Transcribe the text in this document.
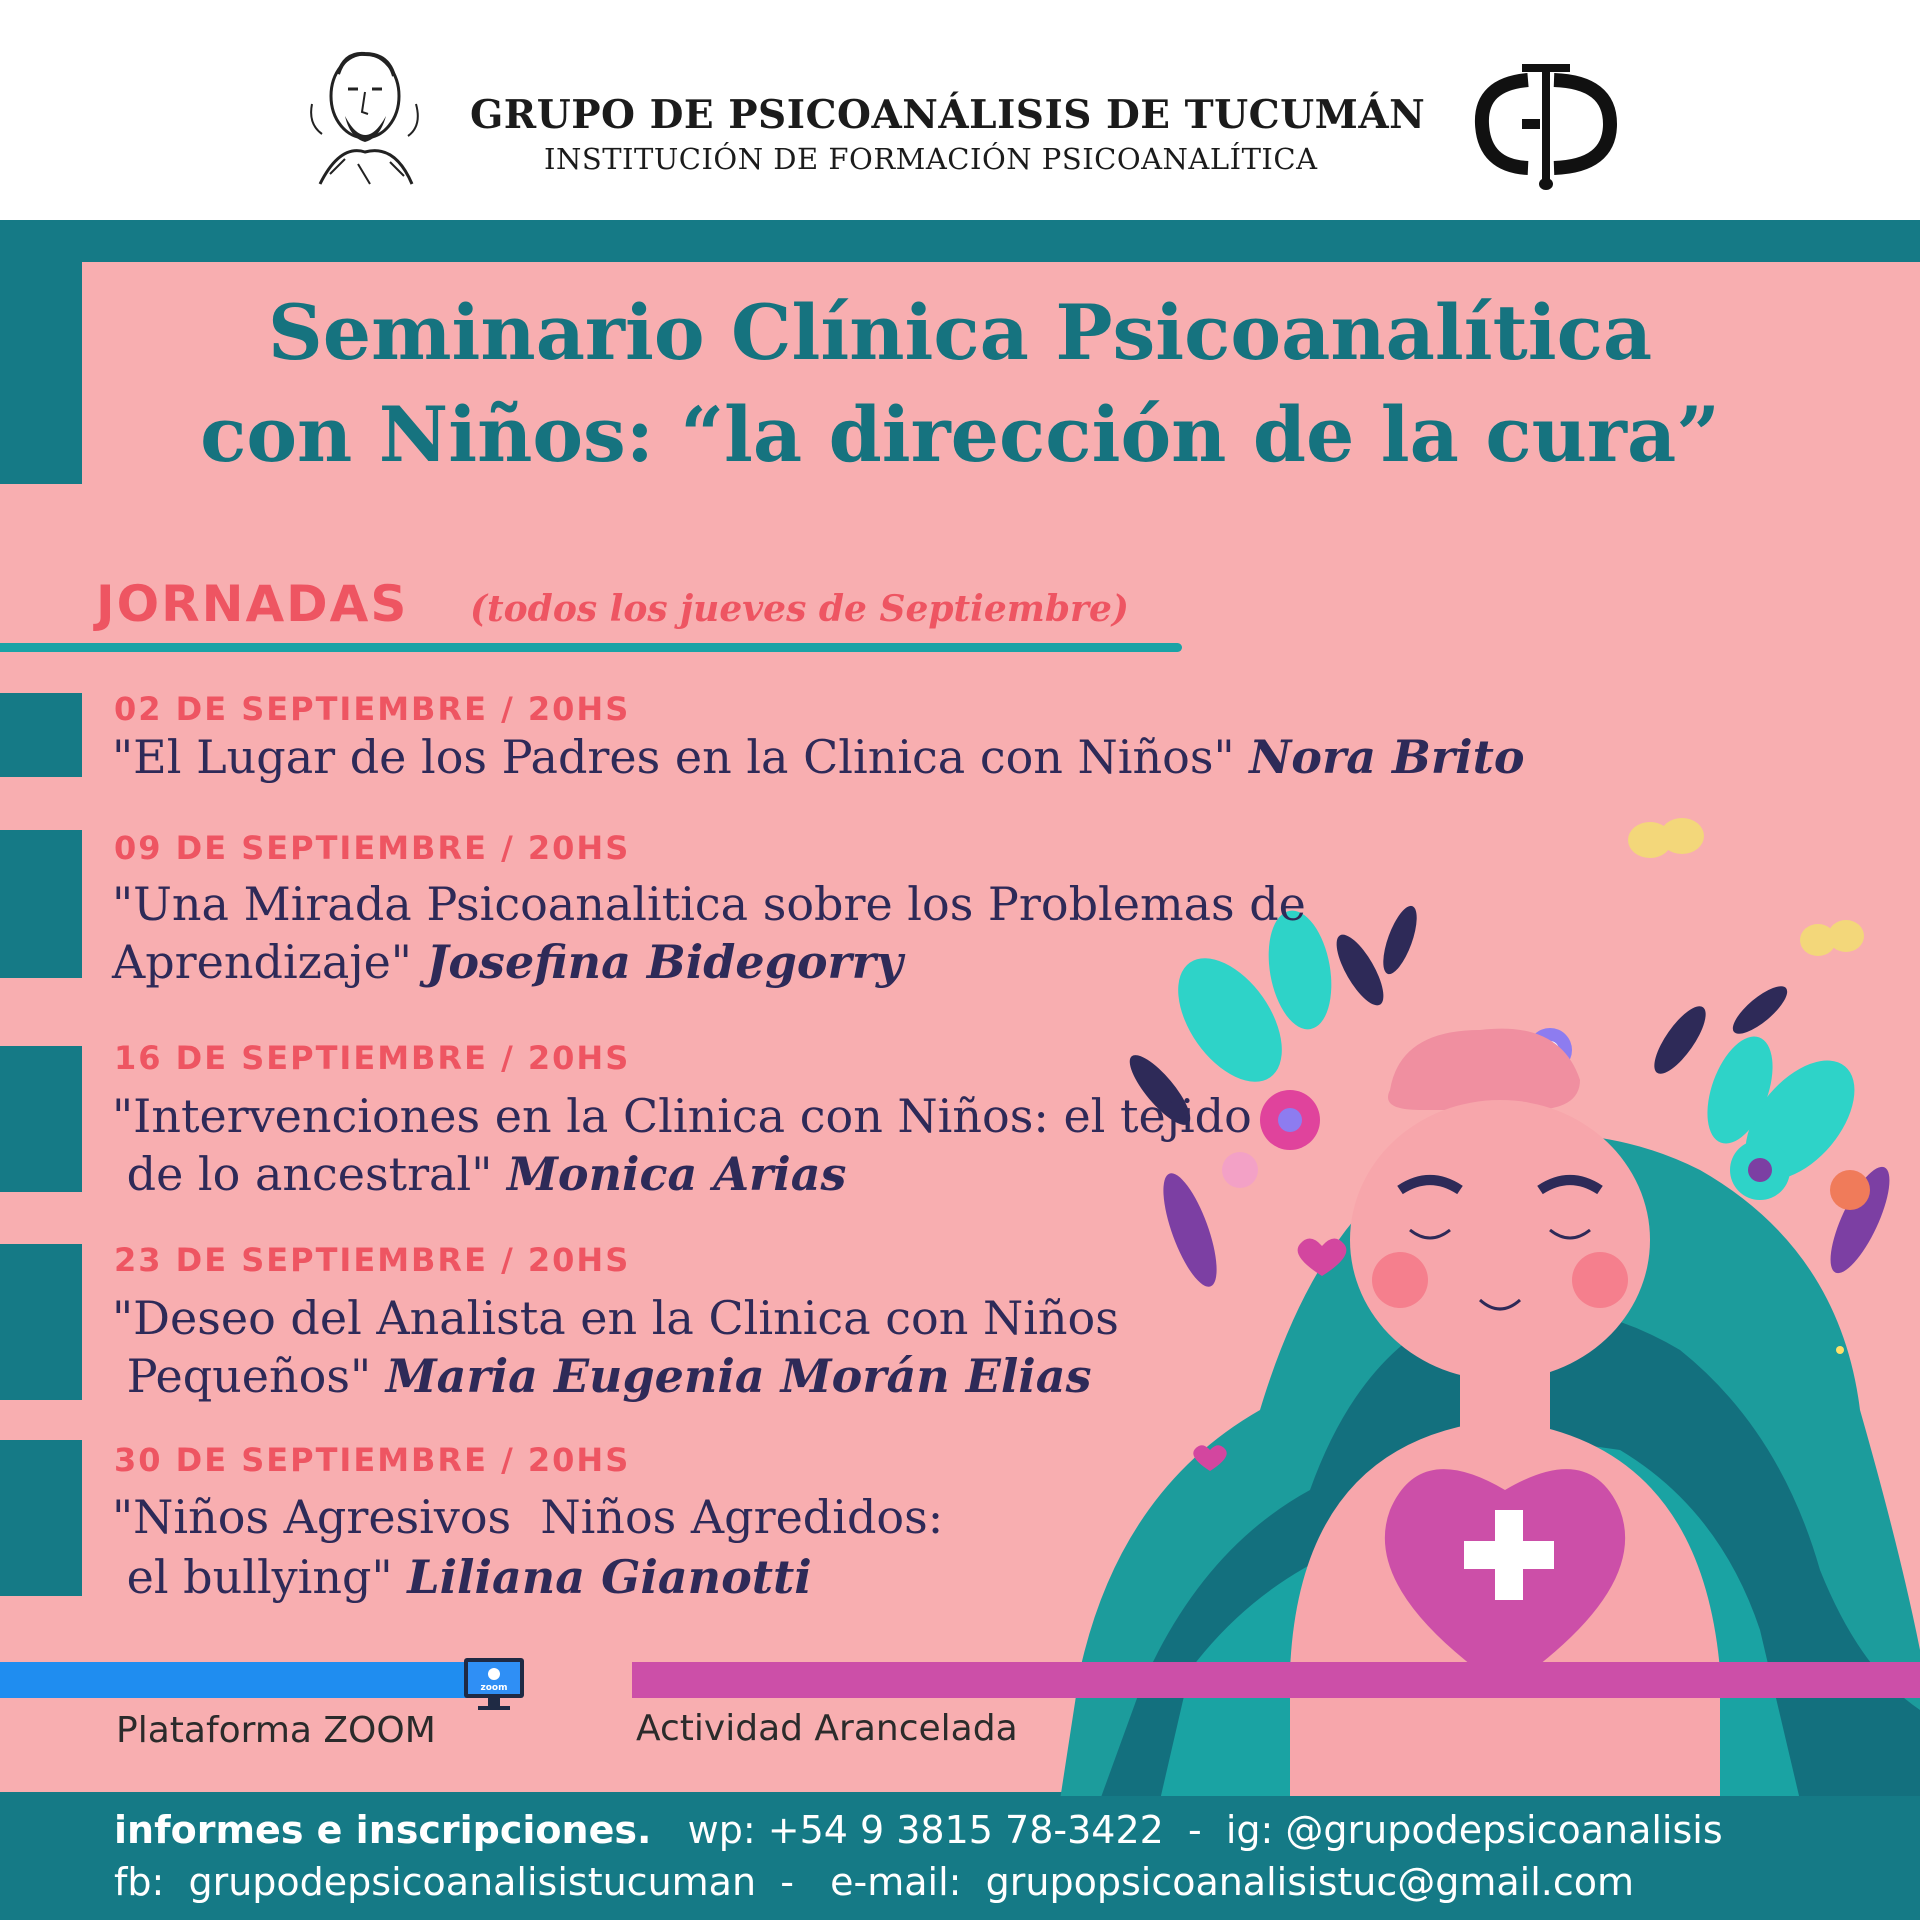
GRUPO DE PSICOANÁLISIS DE TUCUMÁN
INSTITUCIÓN DE FORMACIÓN PSICOANALÍTICA
Seminario Clínica Psicoanalítica
con Niños: “la dirección de la cura”
JORNADAS (todos los jueves de Septiembre)
02 DE SEPTIEMBRE / 20HS
"El Lugar de los Padres en la Clinica con Niños" Nora Brito
09 DE SEPTIEMBRE / 20HS
"Una Mirada Psicoanalitica sobre los Problemas de
Aprendizaje" Josefina Bidegorry
16 DE SEPTIEMBRE / 20HS
"Intervenciones en la Clinica con Niños: el tejido
de lo ancestral" Monica Arias
23 DE SEPTIEMBRE / 20HS
"Deseo del Analista en la Clinica con Niños
Pequeños" Maria Eugenia Morán Elias
30 DE SEPTIEMBRE / 20HS
"Niños Agresivos  Niños Agredidos:
el bullying" Liliana Gianotti
zoom
Plataforma ZOOM	Actividad Arancelada
informes e inscripciones.   wp: +54 9 3815 78-3422  -  ig: @grupodepsicoanalisis
fb:  grupodepsicoanalisistucuman  -   e-mail:  grupopsicoanalisistuc@gmail.com
